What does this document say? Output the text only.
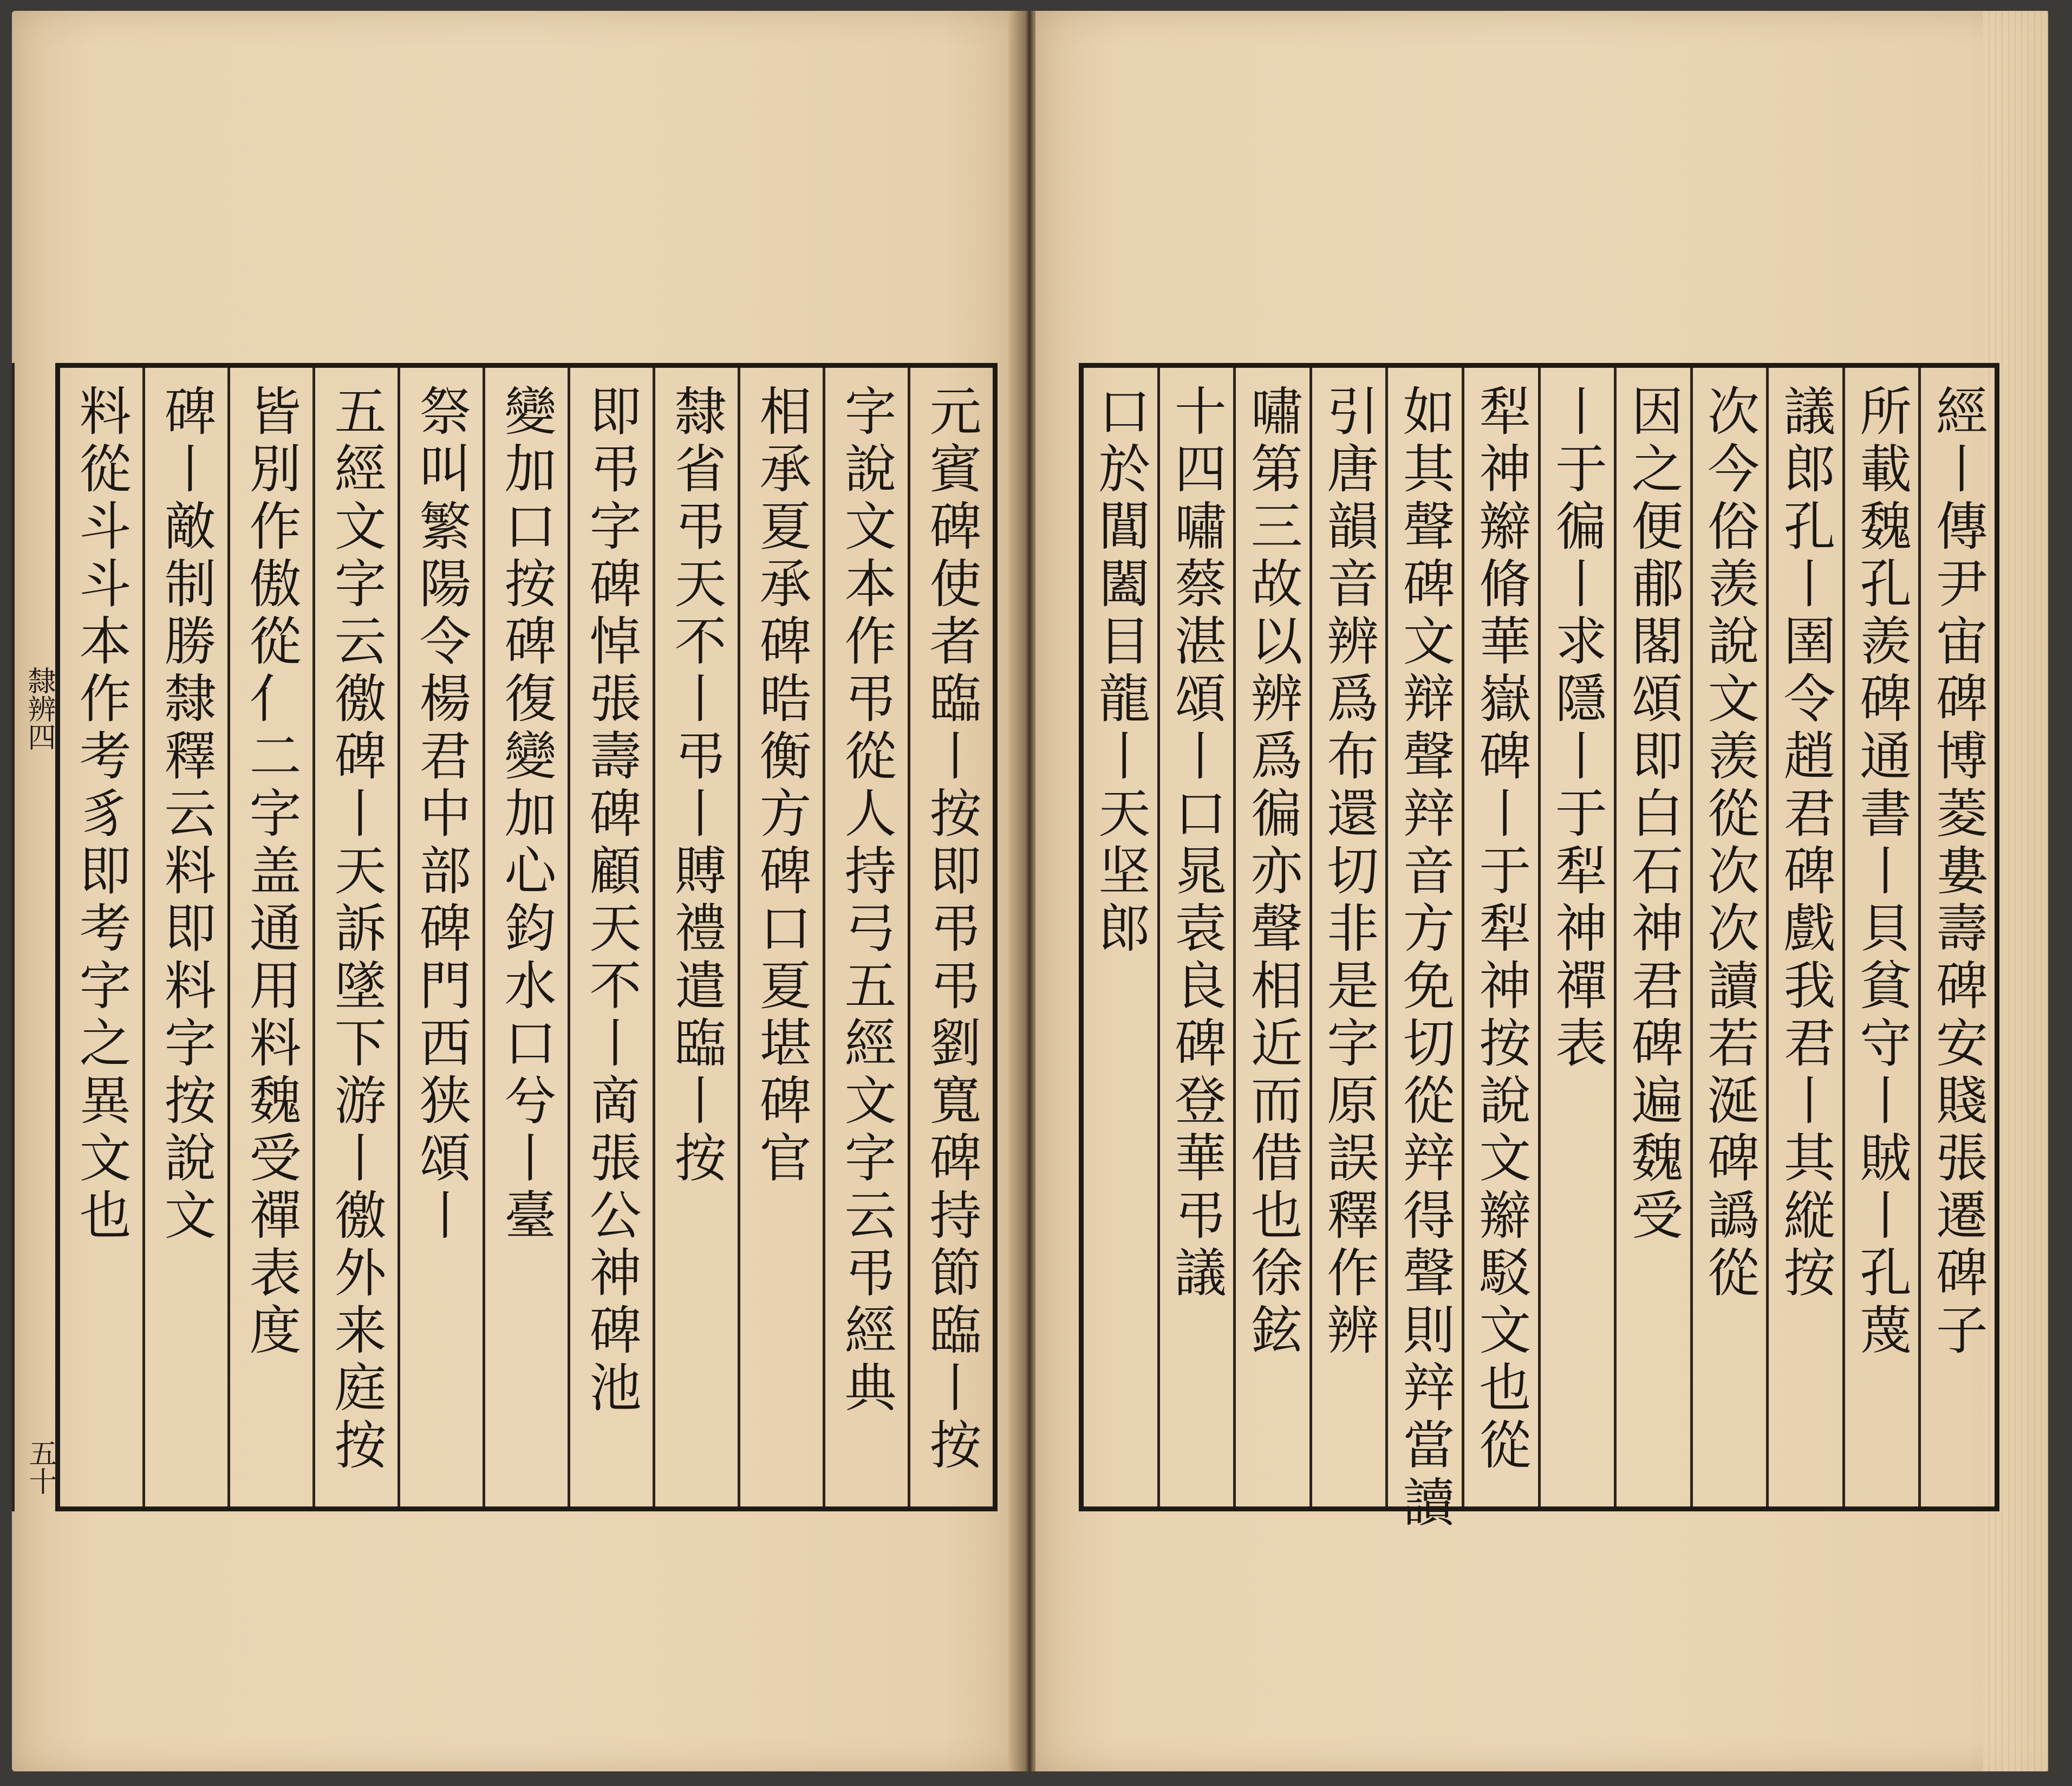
元賓碑使者臨丨按即弔弔劉寬碑持節臨丨按
字說文本作弔從人持弓五經文字云弔經典
相承夏承碑晧衡方碑口夏堪碑官
隸省弔天不丨弔丨賻禮遣臨丨按
即弔字碑悼張壽碑顧天不丨啇張公神碑池
變加口按碑復變加心鈞水口兮丨臺
祭叫繁陽令楊君中部碑門西狭頌丨
五經文字云徼碑丨天訴墜下游丨徼外来庭按
皆別作傲從亻二字盖通用料魏受禪表度
碑丨敵制勝隸釋云料即料字按說文
料從斗斗本作考豸即考字之異文也
隸辨四
五十
經丨傳尹宙碑博菱婁壽碑安賤張遷碑子
所載魏孔羨碑通書丨貝貧守丨賊丨孔蔑
議郎孔丨圉令趙君碑戲我君丨其縦按
次今俗羡說文羡從次次讀若涎碑譌從
因之便郙閣頌即白石神君碑遍魏受
丨于徧丨求隱丨于犁神禪表
犁神辮脩華嶽碑丨于犁神按說文辮駁文也從
如其聲碑文辩聲辡音方免切從辡得聲則辡當讀
引唐韻音辨爲布還切非是字原誤釋作辨
嘯第三故以辨爲徧亦聲相近而借也徐鉉
十四嘯蔡湛頌丨口晁袁良碑登華弔議
口於閶闔目龍丨天坚郎
